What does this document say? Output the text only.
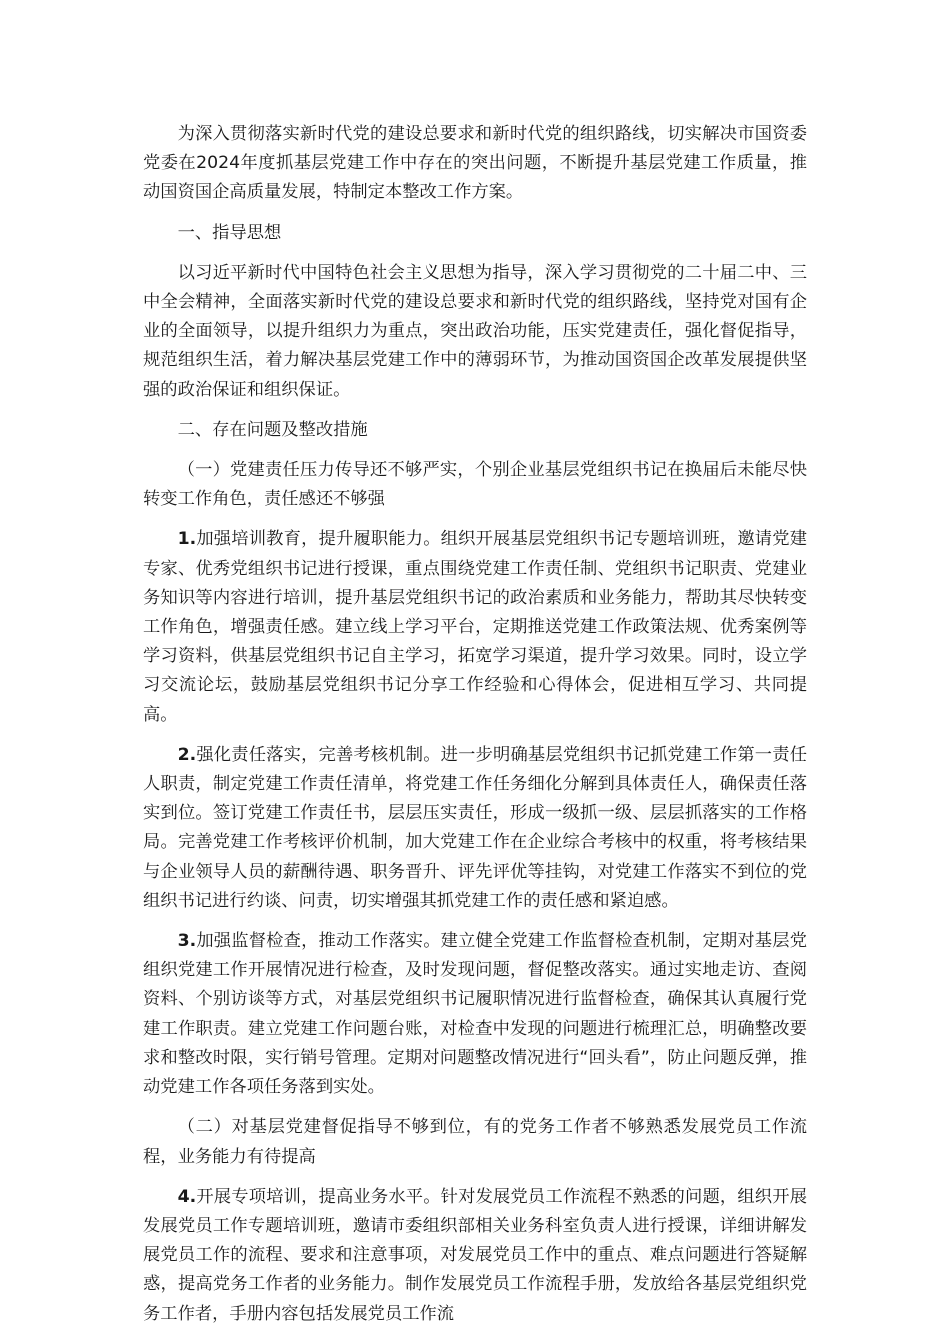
为深入贯彻落实新时代党的建设总要求和新时代党的组织路线，切实解决市国资委党委在2024年度抓基层党建工作中存在的突出问题，不断提升基层党建工作质量，推动国资国企高质量发展，特制定本整改工作方案。

一、指导思想

以习近平新时代中国特色社会主义思想为指导，深入学习贯彻党的二十届二中、三中全会精神，全面落实新时代党的建设总要求和新时代党的组织路线，坚持党对国有企业的全面领导，以提升组织力为重点，突出政治功能，压实党建责任，强化督促指导，规范组织生活，着力解决基层党建工作中的薄弱环节，为推动国资国企改革发展提供坚强的政治保证和组织保证。

二、存在问题及整改措施

（一）党建责任压力传导还不够严实，个别企业基层党组织书记在换届后未能尽快转变工作角色，责任感还不够强

1.加强培训教育，提升履职能力。组织开展基层党组织书记专题培训班，邀请党建专家、优秀党组织书记进行授课，重点围绕党建工作责任制、党组织书记职责、党建业务知识等内容进行培训，提升基层党组织书记的政治素质和业务能力，帮助其尽快转变工作角色，增强责任感。建立线上学习平台，定期推送党建工作政策法规、优秀案例等学习资料，供基层党组织书记自主学习，拓宽学习渠道，提升学习效果。同时，设立学习交流论坛，鼓励基层党组织书记分享工作经验和心得体会，促进相互学习、共同提高。

2.强化责任落实，完善考核机制。进一步明确基层党组织书记抓党建工作第一责任人职责，制定党建工作责任清单，将党建工作任务细化分解到具体责任人，确保责任落实到位。签订党建工作责任书，层层压实责任，形成一级抓一级、层层抓落实的工作格局。完善党建工作考核评价机制，加大党建工作在企业综合考核中的权重，将考核结果与企业领导人员的薪酬待遇、职务晋升、评先评优等挂钩，对党建工作落实不到位的党组织书记进行约谈、问责，切实增强其抓党建工作的责任感和紧迫感。

3.加强监督检查，推动工作落实。建立健全党建工作监督检查机制，定期对基层党组织党建工作开展情况进行检查，及时发现问题，督促整改落实。通过实地走访、查阅资料、个别访谈等方式，对基层党组织书记履职情况进行监督检查，确保其认真履行党建工作职责。建立党建工作问题台账，对检查中发现的问题进行梳理汇总，明确整改要求和整改时限，实行销号管理。定期对问题整改情况进行“回头看”，防止问题反弹，推动党建工作各项任务落到实处。

（二）对基层党建督促指导不够到位，有的党务工作者不够熟悉发展党员工作流程，业务能力有待提高

4.开展专项培训，提高业务水平。针对发展党员工作流程不熟悉的问题，组织开展发展党员工作专题培训班，邀请市委组织部相关业务科室负责人进行授课，详细讲解发展党员工作的流程、要求和注意事项，对发展党员工作中的重点、难点问题进行答疑解惑，提高党务工作者的业务能力。制作发展党员工作流程手册，发放给各基层党组织党务工作者，手册内容包括发展党员工作流
